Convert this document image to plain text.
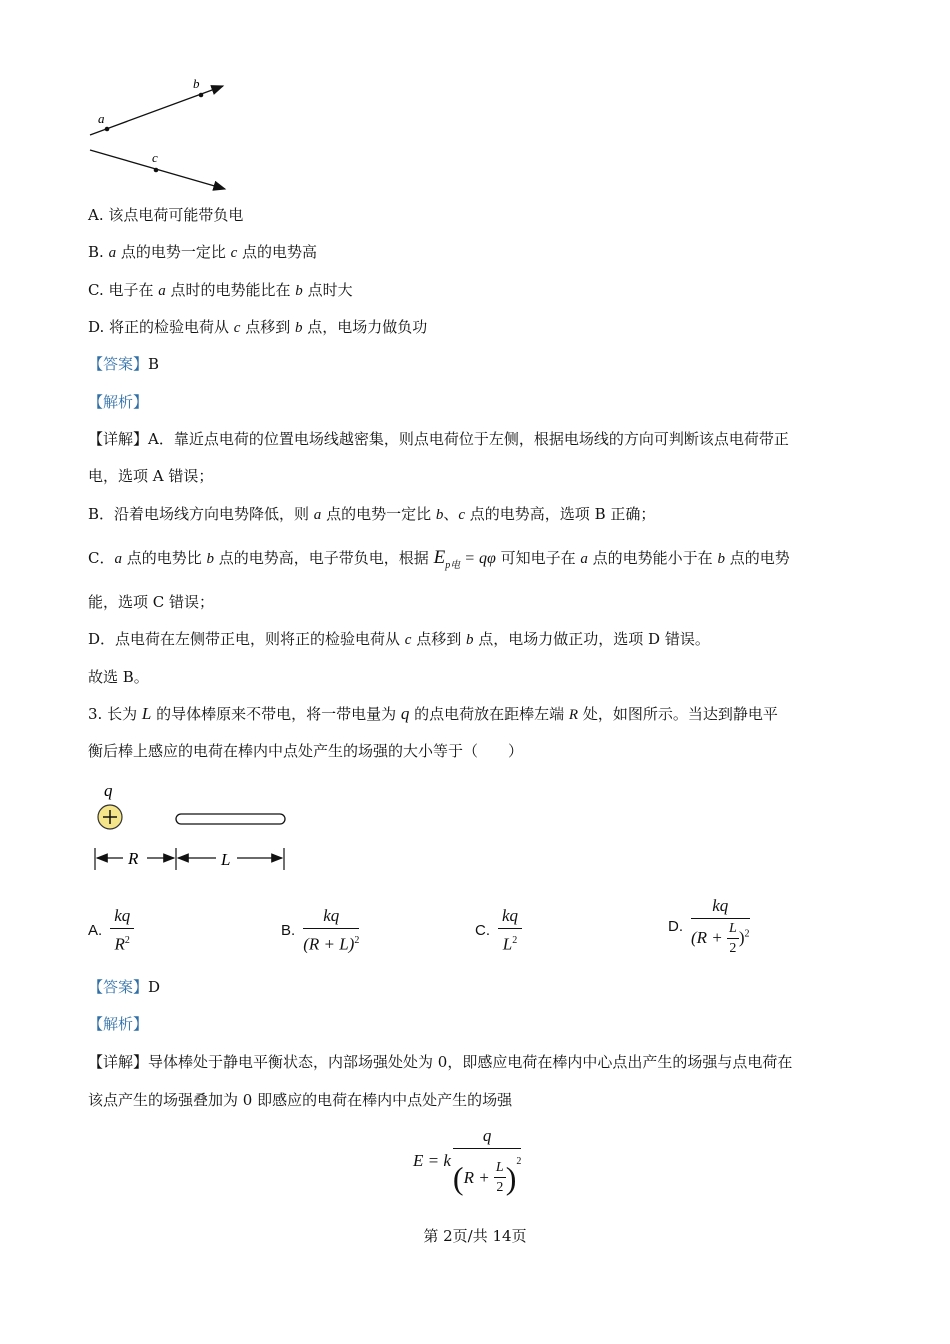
a
b
c
A. 该点电荷可能带负电
B. a 点的电势一定比 c 点的电势高
C. 电子在 a 点时的电势能比在 b 点时大
D. 将正的检验电荷从 c 点移到 b 点，电场力做负功
【答案】B
【解析】
【详解】A．靠近点电荷的位置电场线越密集，则点电荷位于左侧，根据电场线的方向可判断该点电荷带正
电，选项 A 错误；
B．沿着电场线方向电势降低，则 a 点的电势一定比 b、c 点的电势高，选项 B 正确；
C．a 点的电势比 b 点的电势高，电子带负电，根据 $E_{p电} = q\varphi$ 可知电子在 a 点的电势能小于在 b 点的电势
能，选项 C 错误；
D．点电荷在左侧带正电，则将正的检验电荷从 c 点移到 b 点，电场力做正功，选项 D 错误。
故选 B。
3. 长为 L 的导体棒原来不带电，将一带电量为 q 的点电荷放在距棒左端 R 处，如图所示。当达到静电平
衡后棒上感应的电荷在棒内中点处产生的场强的大小等于（　　）
q
R	L
A. $\frac{kq}{R^2}$	B. $\frac{kq}{(R + L)^2}$	C. $\frac{kq}{L^2}$	D. $\frac{kq}{(R + \frac{L}{2} )^2}$
【答案】D
【解析】
【详解】导体棒处于静电平衡状态，内部场强处处为 0，即感应电荷在棒内中心点出产生的场强与点电荷在
该点产生的场强叠加为 0 即感应的电荷在棒内中点处产生的场强
E = k $\frac{q}{(R + \frac{L}{2} )^2}$
第 2页/共 14页
